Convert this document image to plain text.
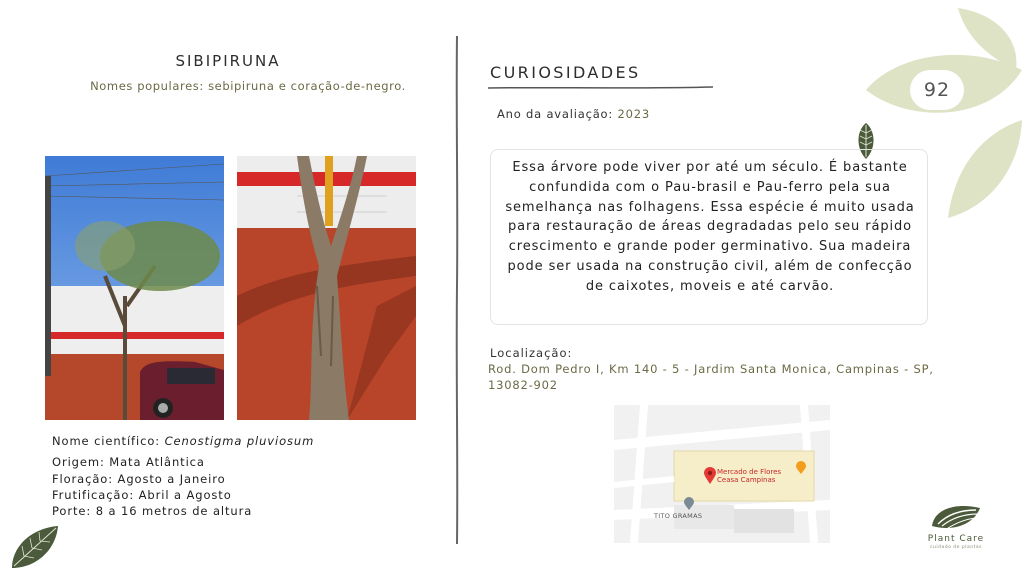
92
SIBIPIRUNA
Nomes populares: sebipiruna e coração-de-negro.
Nome científico: Cenostigma pluviosum
Origem: Mata Atlântica
Floração: Agosto a Janeiro
Frutificação: Abril a Agosto
Porte: 8 a 16 metros de altura
CURIOSIDADES
Ano da avaliação: 2023
Essa árvore pode viver por até um século. É bastante confundida com o Pau-brasil e Pau-ferro pela sua semelhança nas folhagens. Essa espécie é muito usada para restauração de áreas degradadas pelo seu rápido crescimento e grande poder germinativo. Sua madeira pode ser usada na construção civil, além de confecção de caixotes, moveis e até carvão.
Localização:
Rod. Dom Pedro I, Km 140 - 5 - Jardim Santa Monica, Campinas - SP, 13082-902
Mercado de Flores
Ceasa Campinas
TITO GRAMAS
Plant Care
cuidado de plantas
